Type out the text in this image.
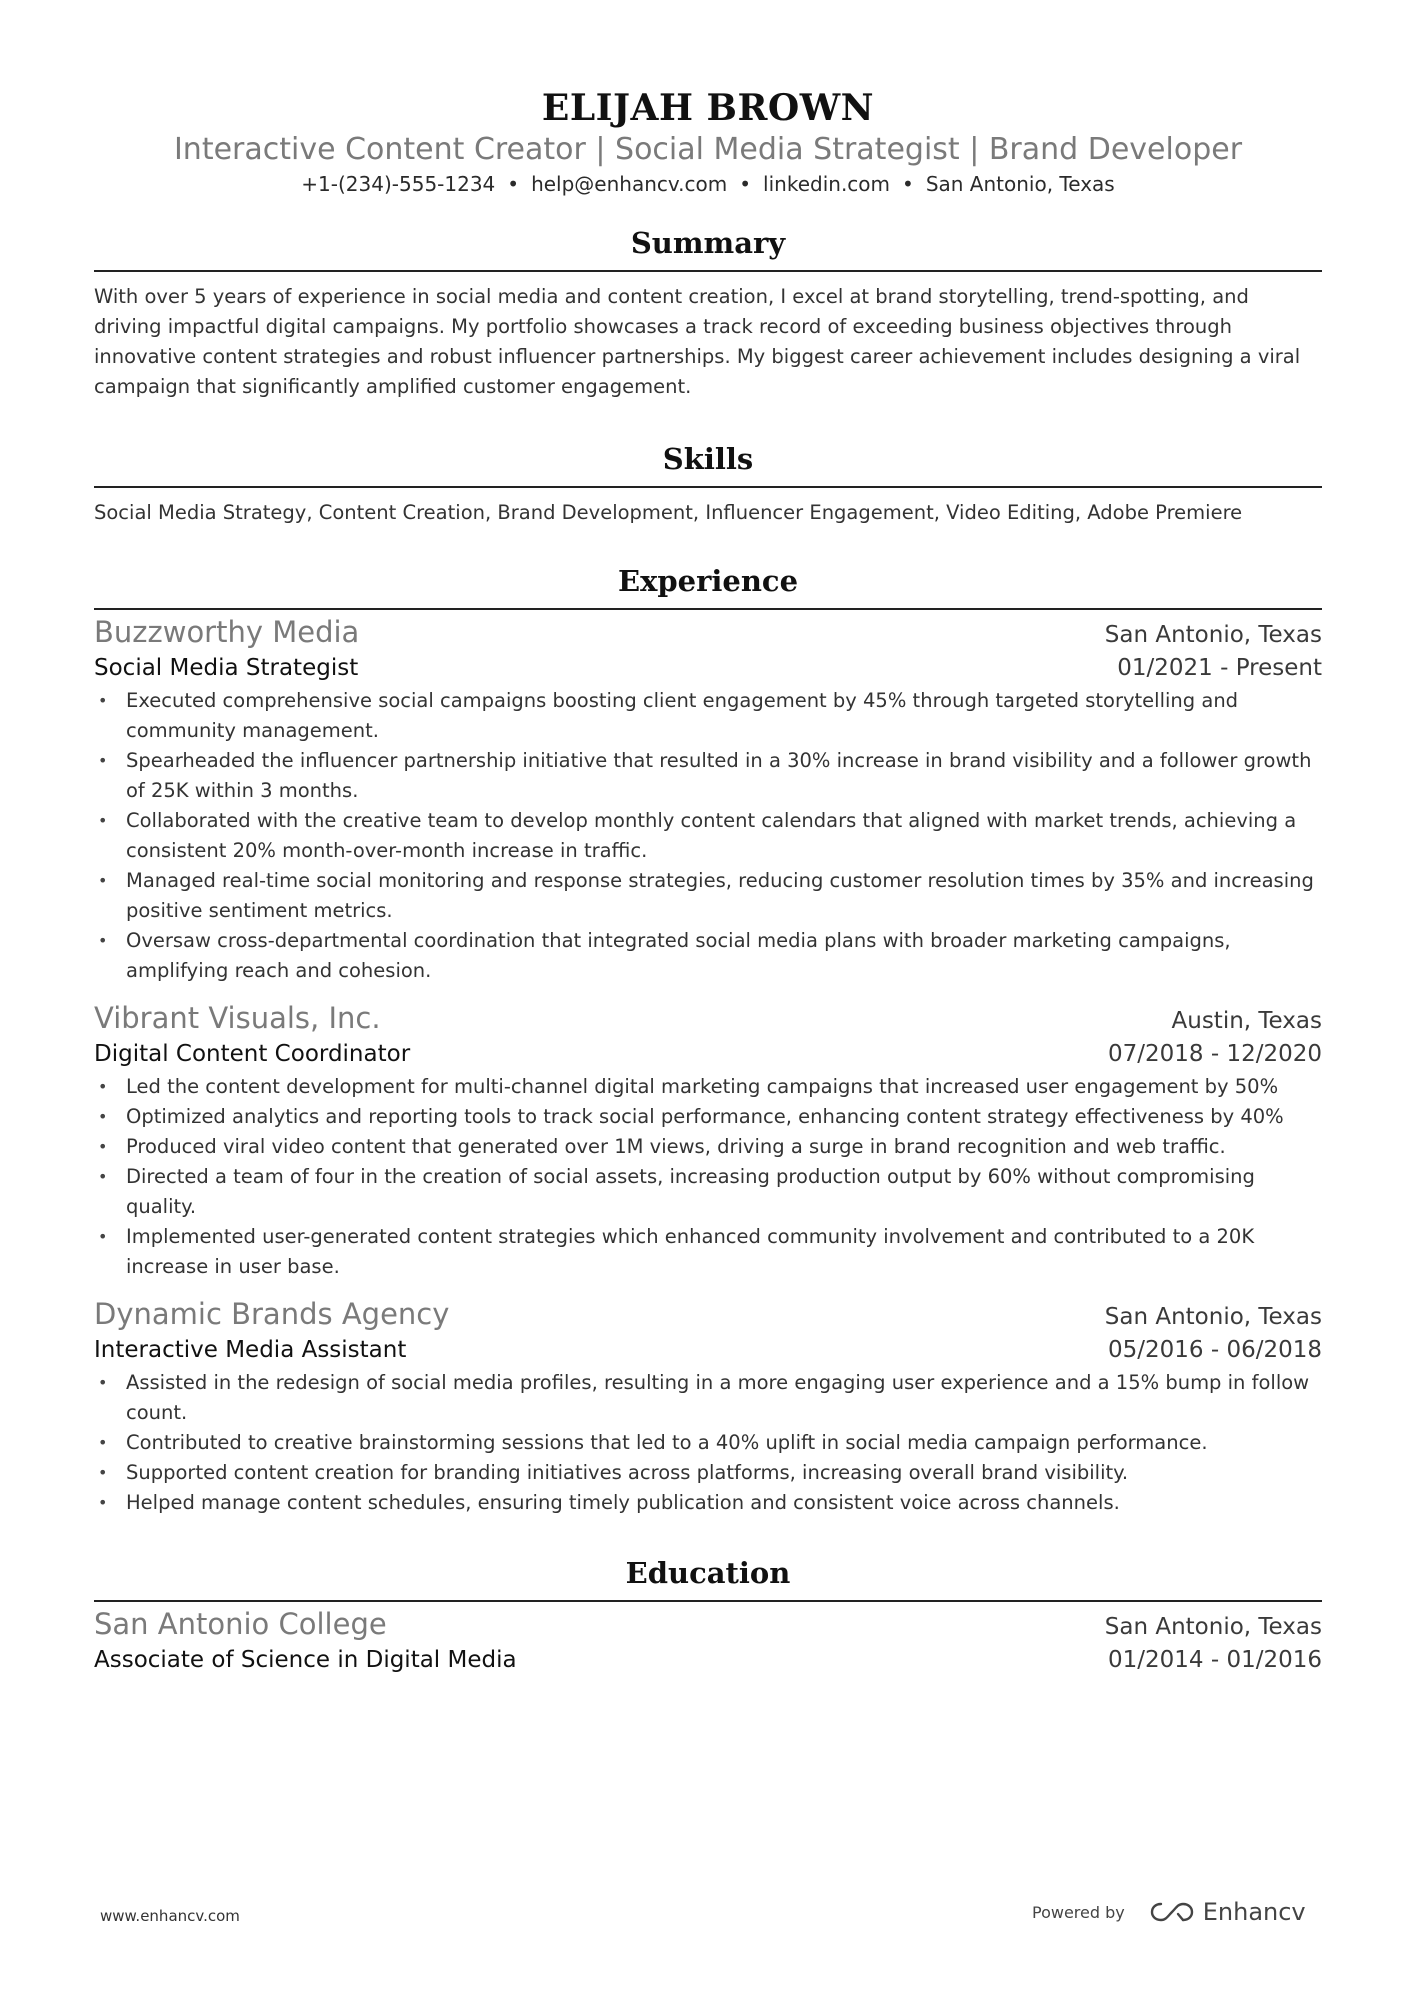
ELIJAH BROWN
Interactive Content Creator | Social Media Strategist | Brand Developer
+1-(234)-555-1234 • help@enhancv.com • linkedin.com • San Antonio, Texas
Summary

With over 5 years of experience in social media and content creation, I excel at brand storytelling, trend-spotting, and driving impactful digital campaigns. My portfolio showcases a track record of exceeding business objectives through innovative content strategies and robust influencer partnerships. My biggest career achievement includes designing a viral campaign that significantly amplified customer engagement.

Skills

Social Media Strategy, Content Creation, Brand Development, Influencer Engagement, Video Editing, Adobe Premiere

Experience
Buzzworthy Media	San Antonio, Texas
Social Media Strategist	01/2021 - Present
• Executed comprehensive social campaigns boosting client engagement by 45% through targeted storytelling and community management.
• Spearheaded the influencer partnership initiative that resulted in a 30% increase in brand visibility and a follower growth of 25K within 3 months.
• Collaborated with the creative team to develop monthly content calendars that aligned with market trends, achieving a consistent 20% month-over-month increase in traffic.
• Managed real-time social monitoring and response strategies, reducing customer resolution times by 35% and increasing positive sentiment metrics.
• Oversaw cross-departmental coordination that integrated social media plans with broader marketing campaigns, amplifying reach and cohesion.
Vibrant Visuals, Inc.	Austin, Texas
Digital Content Coordinator	07/2018 - 12/2020
• Led the content development for multi-channel digital marketing campaigns that increased user engagement by 50%
• Optimized analytics and reporting tools to track social performance, enhancing content strategy effectiveness by 40%
• Produced viral video content that generated over 1M views, driving a surge in brand recognition and web traffic.
• Directed a team of four in the creation of social assets, increasing production output by 60% without compromising quality.
• Implemented user-generated content strategies which enhanced community involvement and contributed to a 20K increase in user base.
Dynamic Brands Agency	San Antonio, Texas
Interactive Media Assistant	05/2016 - 06/2018
• Assisted in the redesign of social media profiles, resulting in a more engaging user experience and a 15% bump in follow count.
• Contributed to creative brainstorming sessions that led to a 40% uplift in social media campaign performance.
• Supported content creation for branding initiatives across platforms, increasing overall brand visibility.
• Helped manage content schedules, ensuring timely publication and consistent voice across channels.
Education
San Antonio College	San Antonio, Texas
Associate of Science in Digital Media	01/2014 - 01/2016
www.enhancv.com	Powered by	Enhancv
